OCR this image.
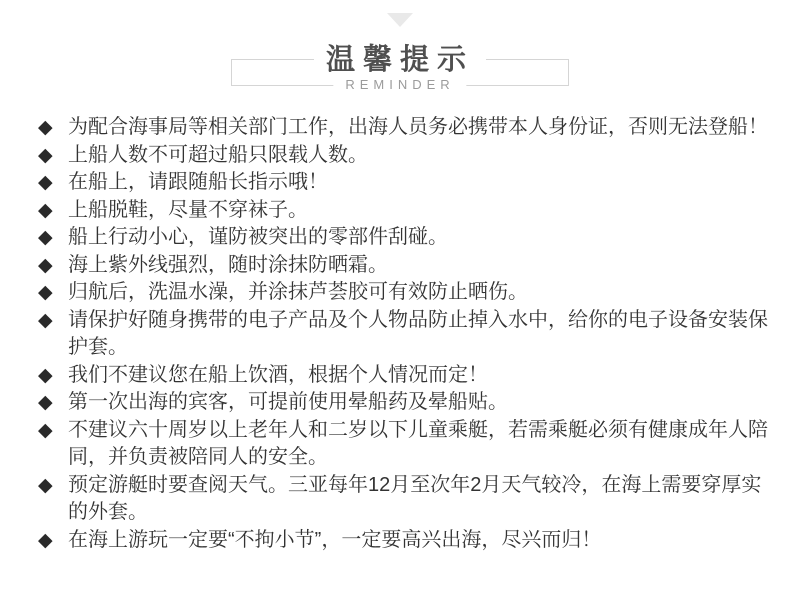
温馨提示
REMINDER
◆ 为配合海事局等相关部门工作，出海人员务必携带本人身份证，否则无法登船！
◆ 上船人数不可超过船只限载人数。
◆ 在船上，请跟随船长指示哦！
◆ 上船脱鞋，尽量不穿袜子。
◆ 船上行动小心，谨防被突出的零部件刮碰。
◆ 海上紫外线强烈，随时涂抹防晒霜。
◆ 归航后，洗温水澡，并涂抹芦荟胶可有效防止晒伤。
◆ 请保护好随身携带的电子产品及个人物品防止掉入水中，给你的电子设备安装保护套。
◆ 我们不建议您在船上饮酒，根据个人情况而定！
◆ 第一次出海的宾客，可提前使用晕船药及晕船贴。
◆ 不建议六十周岁以上老年人和二岁以下儿童乘艇，若需乘艇必须有健康成年人陪同，并负责被陪同人的安全。
◆ 预定游艇时要查阅天气。三亚每年12月至次年2月天气较冷，在海上需要穿厚实的外套。
◆ 在海上游玩一定要“不拘小节”，一定要高兴出海，尽兴而归！
